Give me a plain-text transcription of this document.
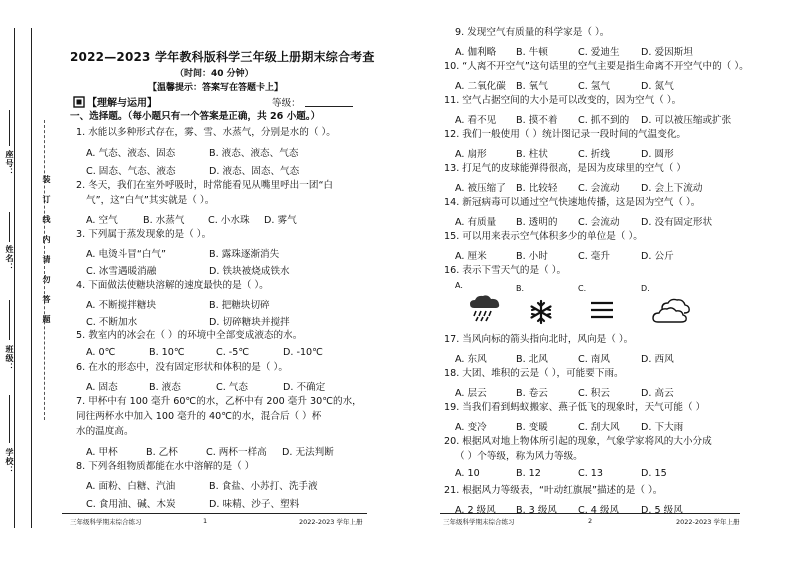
座号：
姓名：
班级：
学校：
装订线内请勿答题
2022—2023 学年教科版科学三年级上册期末综合考查
（时间：40 分钟）
【温馨提示：答案写在答题卡上】
【理解与运用】	等级：
一、选择题。（每小题只有一个答案是正确，共 26 小题。）
1. 水能以多种形式存在，雾、雪、水蒸气，分别是水的（ ）。
A. 气态、液态、固态	B. 液态、液态、气态
C. 固态、气态、液态	D. 液态、固态、气态
2. 冬天，我们在室外呼吸时，时常能看见从嘴里呼出一团“白
气”，这“白气”其实就是（ ）。
A. 空气	B. 水蒸气 C. 小水珠 D. 雾气
3. 下列属于蒸发现象的是（ ）。
A. 电烫斗冒“白气”	B. 露珠逐渐消失
C. 冰雪遇暖消融	D. 铁块被烧成铁水
4. 下面做法使糖块溶解的速度最快的是（ ）。
A. 不断搅拌糖块	B. 把糖块切碎
C. 不断加水	D. 切碎糖块并搅拌
5. 教室内的冰会在（ ）的环境中全部变成液态的水。
A. 0℃	B. 10℃	C. -5℃	D. -10℃
6. 在水的形态中，没有固定形状和体积的是（ ）。
A. 固态	B. 液态	C. 气态	D. 不确定
7. 甲杯中有 100 毫升 60℃的水，乙杯中有 200 毫升 30℃的水，
同往两杯水中加入 100 毫升的 40℃的水，混合后（ ）杯
水的温度高。
A. 甲杯	B. 乙杯	C. 两杯一样高 D. 无法判断
8. 下列各组物质都能在水中溶解的是（ ）
A. 面粉、白糖、汽油	B. 食盐、小苏打、洗手液
C. 食用油、碱、木炭	D. 味精、沙子、塑料
三年级科学期末综合练习	1	2022-2023 学年上册
9. 发现空气有质量的科学家是（ ）。
A. 伽利略 B. 牛顿	C. 爱迪生 D. 爱因斯坦
10. “人离不开空气”这句话里的空气主要是指生命离不开空气中的（ ）。
A. 二氧化碳 B. 氧气	C. 氢气	D. 氮气
11. 空气占据空间的大小是可以改变的，因为空气（ ）。
A. 看不见 B. 摸不着 C. 抓不到的 D. 可以被压缩或扩张
12. 我们一般使用（ ）统计图记录一段时间的气温变化。
A. 扇形	B. 柱状	C. 折线	D. 圆形
13. 打足气的皮球能弹得很高，是因为皮球里的空气（ ）
A. 被压缩了 B. 比较轻 C. 会流动 D. 会上下流动
14. 新冠病毒可以通过空气快速地传播，这是因为空气（ ）。
A. 有质量 B. 透明的 C. 会流动 D. 没有固定形状
15. 可以用来表示空气体积多少的单位是（ ）。
A. 厘米	B. 小时	C. 毫升	D. 公斤
16. 表示下雪天气的是（ ）。
A.	B.	C.	D.
17. 当风向标的箭头指向北时，风向是（ ）。
A. 东风	B. 北风	C. 南风	D. 西风
18. 大团、堆积的云是（ ），可能要下雨。
A. 层云	B. 卷云	C. 积云	D. 高云
19. 当我们看到蚂蚁搬家、燕子低飞的现象时，天气可能（ ）
A. 变冷	B. 变暖	C. 刮大风 D. 下大雨
20. 根据风对地上物体所引起的现象，气象学家将风的大小分成
（ ）个等级，称为风力等级。
A. 10	B. 12	C. 13	D. 15
21. 根据风力等级表，“叶动红旗展”描述的是（ ）。
A. 2 级风 B. 3 级风 C. 4 级风 D. 5 级风
三年级科学期末综合练习	2	2022-2023 学年上册
